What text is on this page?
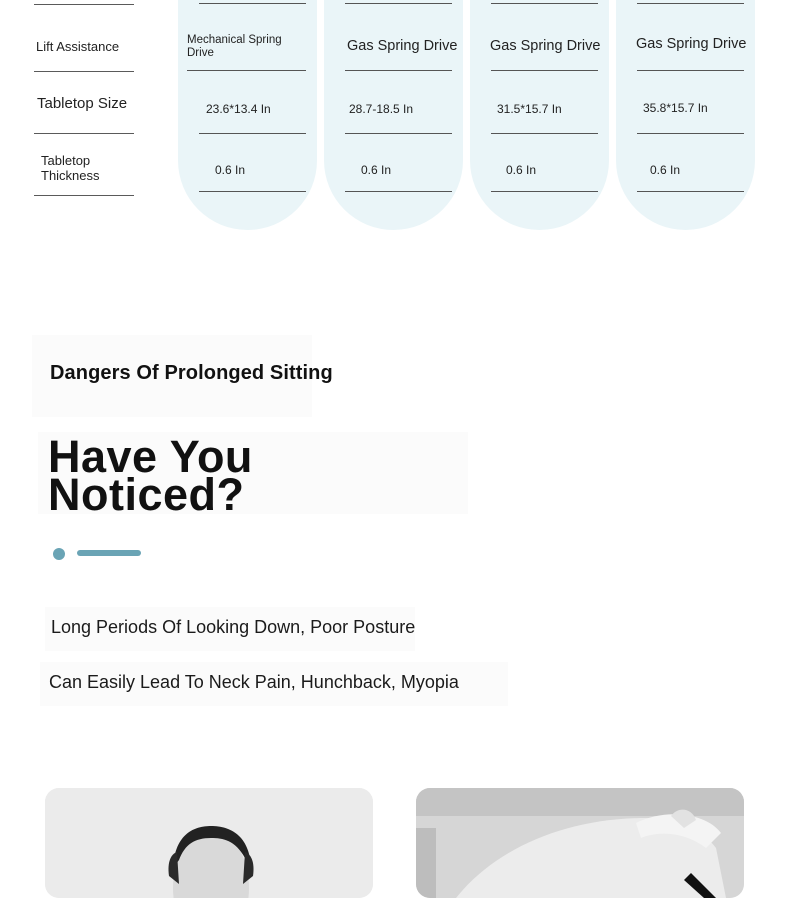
Lift Assistance
Tabletop Size
Tabletop Thickness
Mechanical Spring Drive
23.6*13.4 In
0.6 In
Gas Spring Drive
28.7-18.5 In
0.6 In
Gas Spring Drive
31.5*15.7 In
0.6 In
Gas Spring Drive
35.8*15.7 In
0.6 In
Dangers Of Prolonged Sitting
Have You Noticed?
Long Periods Of Looking Down, Poor Posture
Can Easily Lead To Neck Pain, Hunchback, Myopia
